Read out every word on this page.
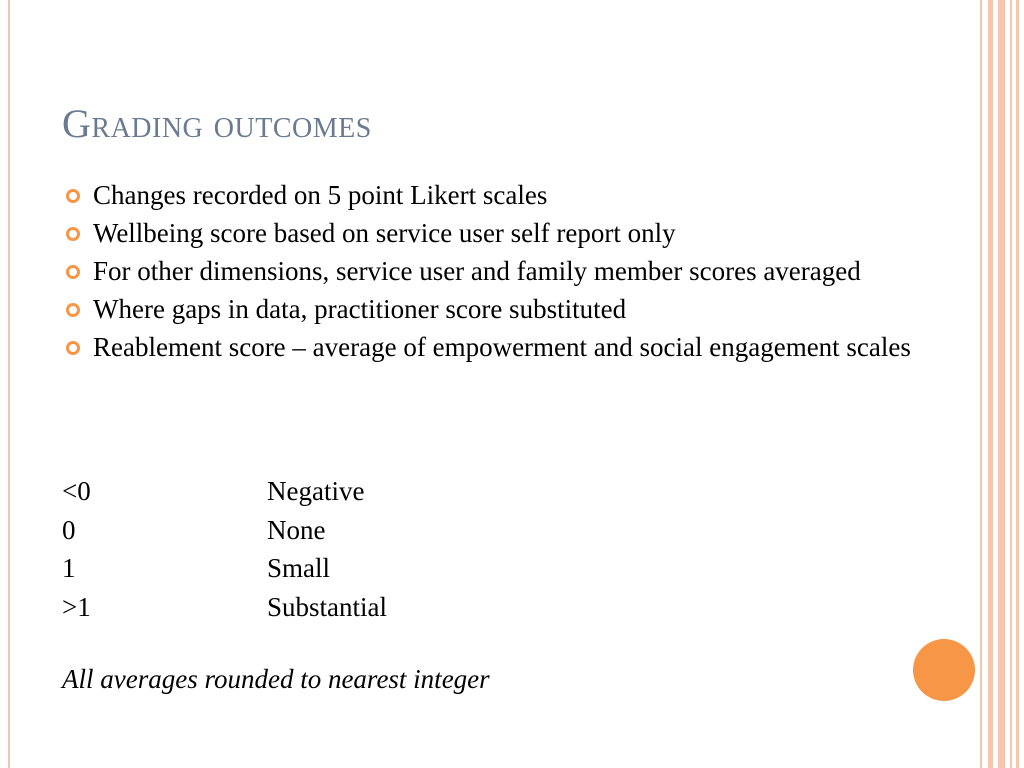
Grading outcomes
Changes recorded on 5 point Likert scales
Wellbeing score based on service user self report only
For other dimensions, service user and family member scores averaged
Where gaps in data, practitioner score substituted
Reablement score – average of empowerment and social engagement scales
<0	Negative
0	None
1	Small
>1	Substantial

All averages rounded to nearest integer
